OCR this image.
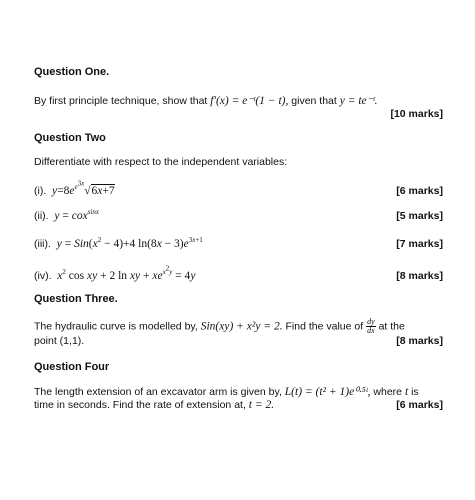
Question One.
By first principle technique, show that f′(x) = e⁻ᵗ(1 − t), given that y = te⁻ᵗ.
[10 marks]
Question Two
Differentiate with respect to the independent variables:
(i). $y=8e^{e^{3x}}√6x+7$	[6 marks]
(ii). y = cox$^{sinx}$	[5 marks]
(iii). $y = Sin(x^2 - 4)+4$ $\ln(8x - 3)e^{3x+1}$	[7 marks]
(iv). $x^2$ cos xy + 2 ln xy + $xe^{x^2y} = 4y$	[8 marks]
Question Three.
The hydraulic curve is modelled by, Sin(xy) + x²y = 2. Find the value of $\frac{dy}{dx}$ at the
point (1,1).	[8 marks]
Question Four
The length extension of an excavator arm is given by, L(t) = (t² + 1)e⁰·⁵ᵗ, where t is
time in seconds. Find the rate of extension at, t = 2.	[6 marks]
